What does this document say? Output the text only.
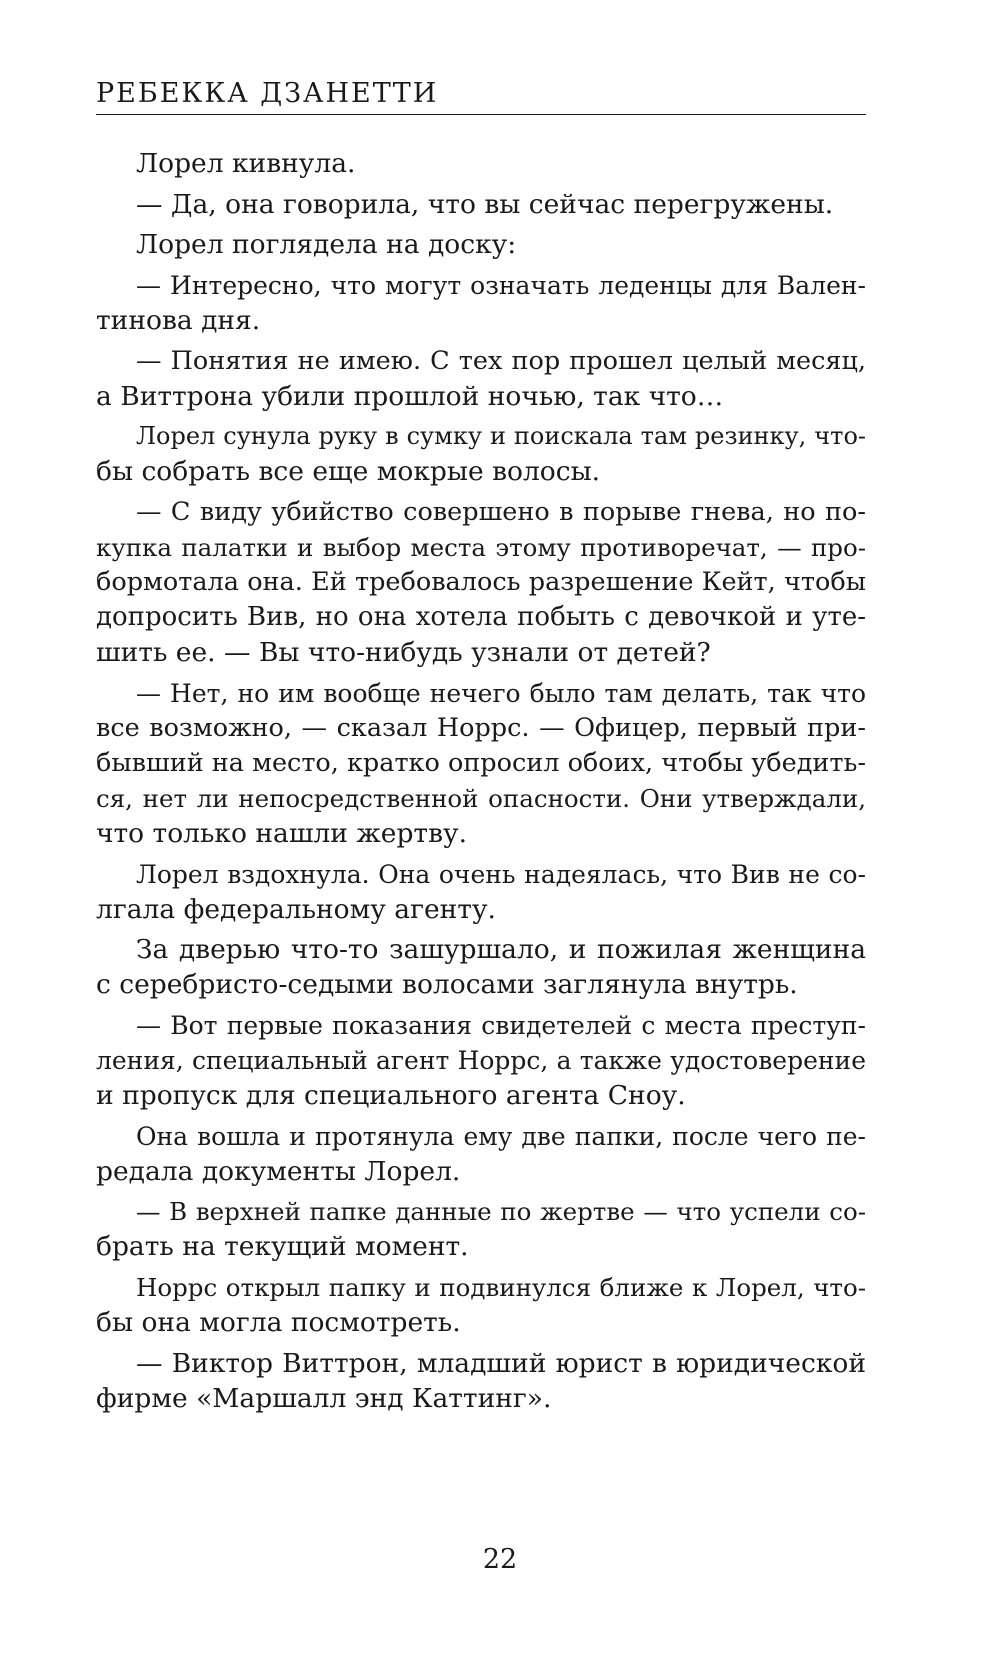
РЕБЕККА ДЗАНЕТТИ
Лорел кивнула.
— Да, она говорила, что вы сейчас перегружены.
Лорел поглядела на доску:
— Интересно, что могут означать леденцы для Вален-
тинова дня.
— Понятия не имею. С тех пор прошел целый месяц,
а Виттрона убили прошлой ночью, так что…
Лорел сунула руку в сумку и поискала там резинку, что-
бы собрать все еще мокрые волосы.
— С виду убийство совершено в порыве гнева, но по-
купка палатки и выбор места этому противоречат, — про-
бормотала она. Ей требовалось разрешение Кейт, чтобы
допросить Вив, но она хотела побыть с девочкой и уте-
шить ее. — Вы что-нибудь узнали от детей?
— Нет, но им вообще нечего было там делать, так что
все возможно, — сказал Норрс. — Офицер, первый при-
бывший на место, кратко опросил обоих, чтобы убедить-
ся, нет ли непосредственной опасности. Они утверждали,
что только нашли жертву.
Лорел вздохнула. Она очень надеялась, что Вив не со-
лгала федеральному агенту.
За дверью что-то зашуршало, и пожилая женщина
с серебристо-седыми волосами заглянула внутрь.
— Вот первые показания свидетелей с места преступ-
ления, специальный агент Норрс, а также удостоверение
и пропуск для специального агента Сноу.
Она вошла и протянула ему две папки, после чего пе-
редала документы Лорел.
— В верхней папке данные по жертве — что успели со-
брать на текущий момент.
Норрс открыл папку и подвинулся ближе к Лорел, что-
бы она могла посмотреть.
— Виктор Виттрон, младший юрист в юридической
фирме «Маршалл энд Каттинг».
22
